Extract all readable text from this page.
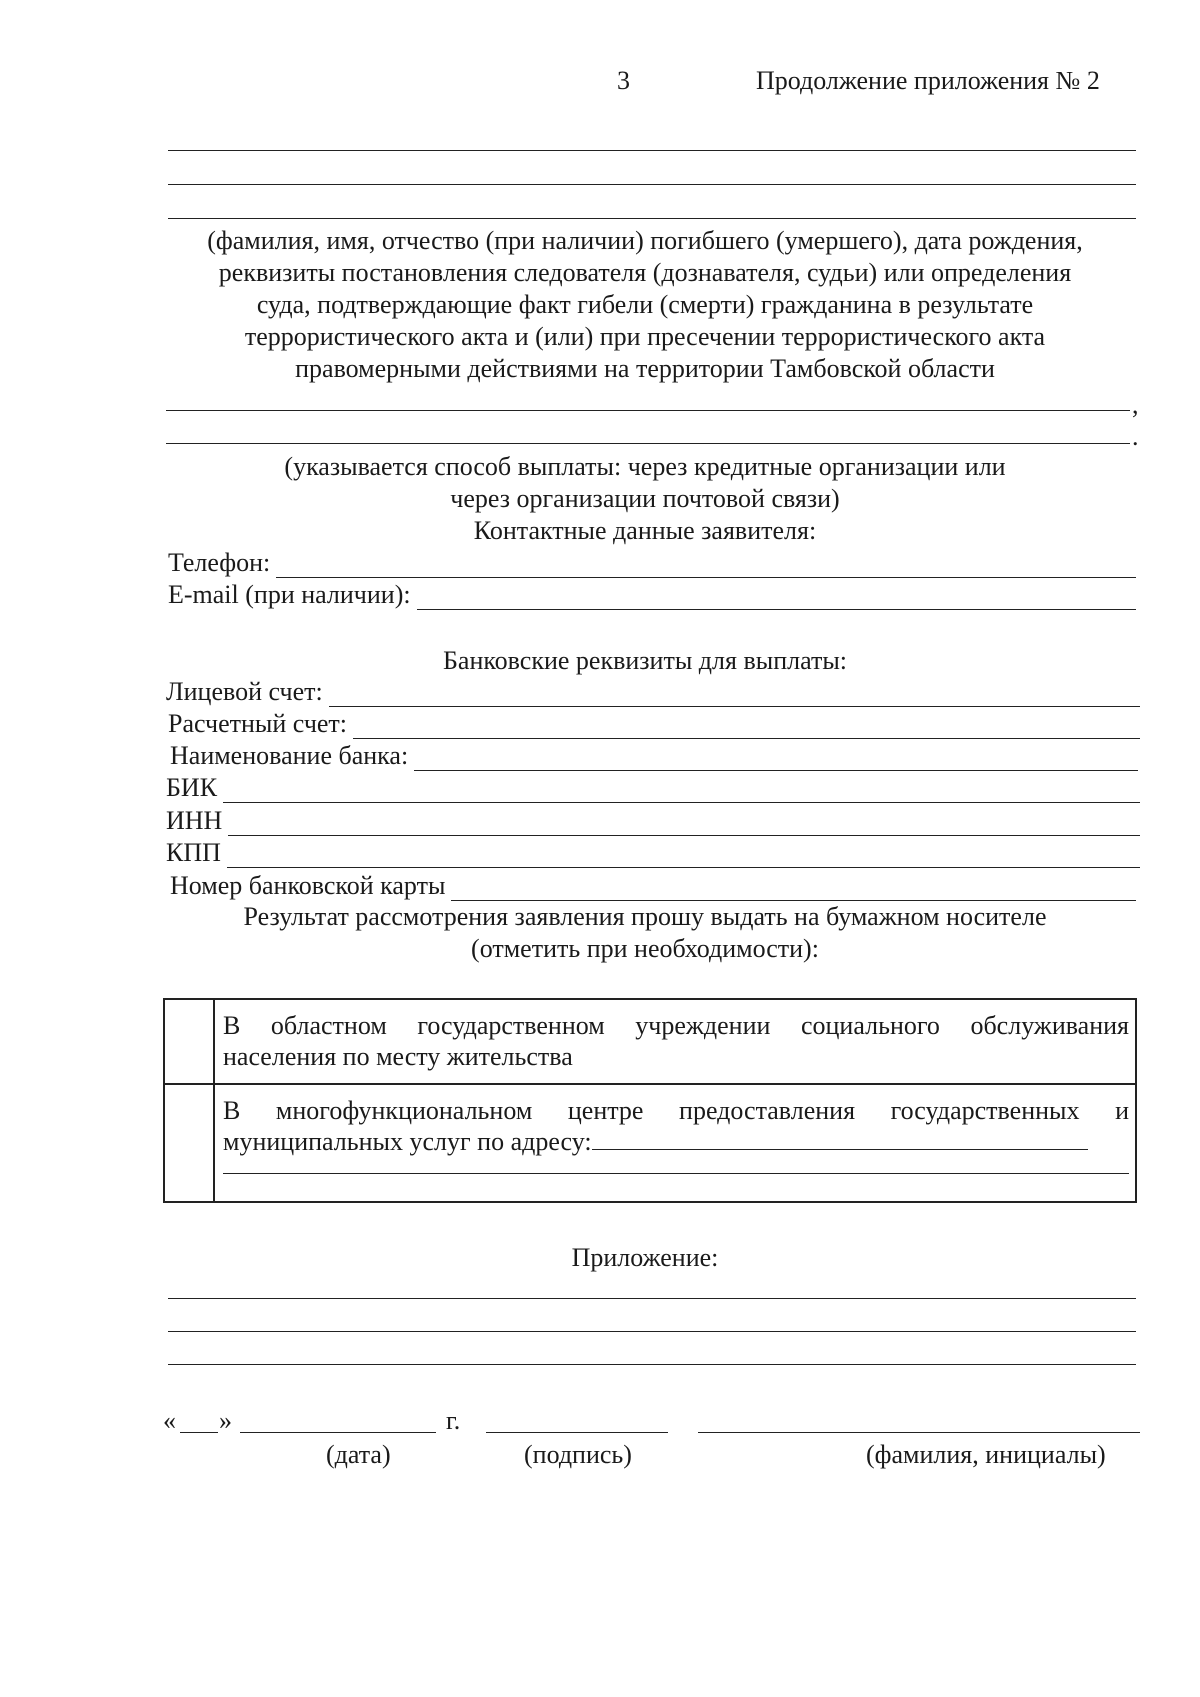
3	Продолжение приложения № 2
(фамилия, имя, отчество (при наличии) погибшего (умершего), дата рождения,
реквизиты постановления следователя (дознавателя, судьи) или определения
суда, подтверждающие факт гибели (смерти) гражданина в результате
террористического акта и (или) при пресечении террористического акта
правомерными действиями на территории Тамбовской области
,
.
(указывается способ выплаты: через кредитные организации или
через организации почтовой связи)
Контактные данные заявителя:
Телефон:
E-mail (при наличии):
Банковские реквизиты для выплаты:
Лицевой счет:
Расчетный счет:
Наименование банка:
БИК
ИНН
КПП
Номер банковской карты
Результат рассмотрения заявления прошу выдать на бумажном носителе
(отметить при необходимости):

	В областном государственном учреждении социального обслуживания
населения по месту жительства

	В многофункциональном центре предоставления государственных и
муниципальных услуг по адресу:
Приложение:
« »	г.
(дата)	(подпись)	(фамилия, инициалы)
